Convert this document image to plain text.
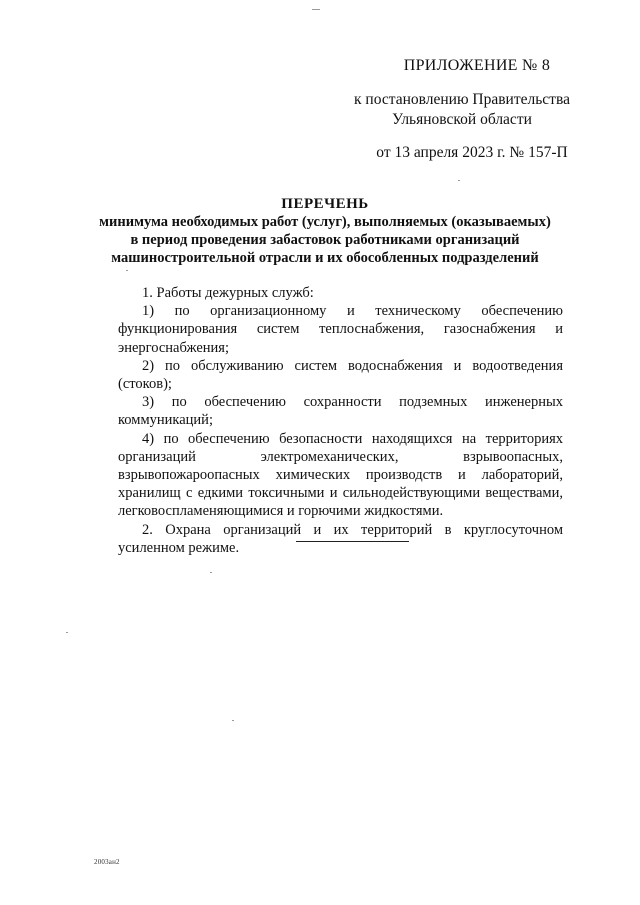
ПРИЛОЖЕНИЕ № 8
к постановлению Правительства
Ульяновской области
от 13 апреля 2023 г. № 157-П
ПЕРЕЧЕНЬ
минимума необходимых работ (услуг), выполняемых (оказываемых)
в период проведения забастовок работниками организаций
машиностроительной отрасли и их обособленных подразделений

1. Работы дежурных служб:

1) по организационному и техническому обеспечению функционирования систем теплоснабжения, газоснабжения и энергоснабжения;

2) по обслуживанию систем водоснабжения и водоотведения (стоков);

3) по обеспечению сохранности подземных инженерных коммуникаций;

4) по обеспечению безопасности находящихся на территориях организаций электромеханических, взрывоопасных, взрывопожароопасных химических производств и лабораторий, хранилищ с едкими токсичными и сильнодействующими веществами, легковоспламеняющимися и горючими жидкостями.

2. Охрана организаций и их территорий в круглосуточном усиленном режиме.

2003ан2
